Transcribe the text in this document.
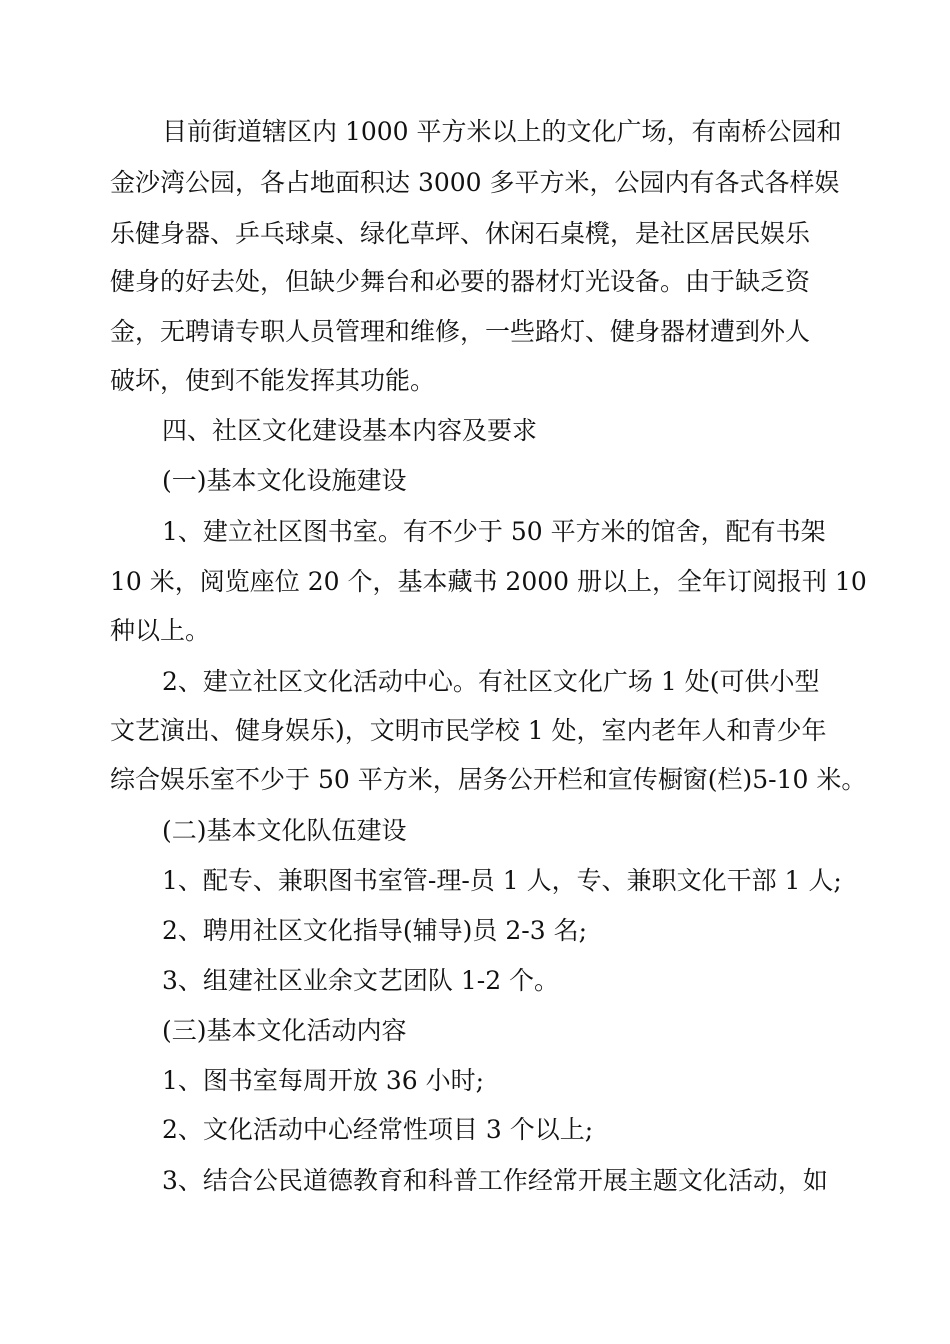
目前街道辖区内 1000 平方米以上的文化广场，有南桥公园和
金沙湾公园，各占地面积达 3000 多平方米，公园内有各式各样娱
乐健身器、乒乓球桌、绿化草坪、休闲石桌櫈，是社区居民娱乐
健身的好去处，但缺少舞台和必要的器材灯光设备。由于缺乏资
金，无聘请专职人员管理和维修，一些路灯、健身器材遭到外人
破坏，使到不能发挥其功能。
四、社区文化建设基本内容及要求
(一)基本文化设施建设
1、建立社区图书室。有不少于 50 平方米的馆舍，配有书架
10 米，阅览座位 20 个，基本藏书 2000 册以上，全年订阅报刊 10
种以上。
2、建立社区文化活动中心。有社区文化广场 1 处(可供小型
文艺演出、健身娱乐)，文明市民学校 1 处，室内老年人和青少年
综合娱乐室不少于 50 平方米，居务公开栏和宣传橱窗(栏)5-10 米。
(二)基本文化队伍建设
1、配专、兼职图书室管-理-员 1 人，专、兼职文化干部 1 人;
2、聘用社区文化指导(辅导)员 2-3 名;
3、组建社区业余文艺团队 1-2 个。
(三)基本文化活动内容
1、图书室每周开放 36 小时;
2、文化活动中心经常性项目 3 个以上;
3、结合公民道德教育和科普工作经常开展主题文化活动，如
